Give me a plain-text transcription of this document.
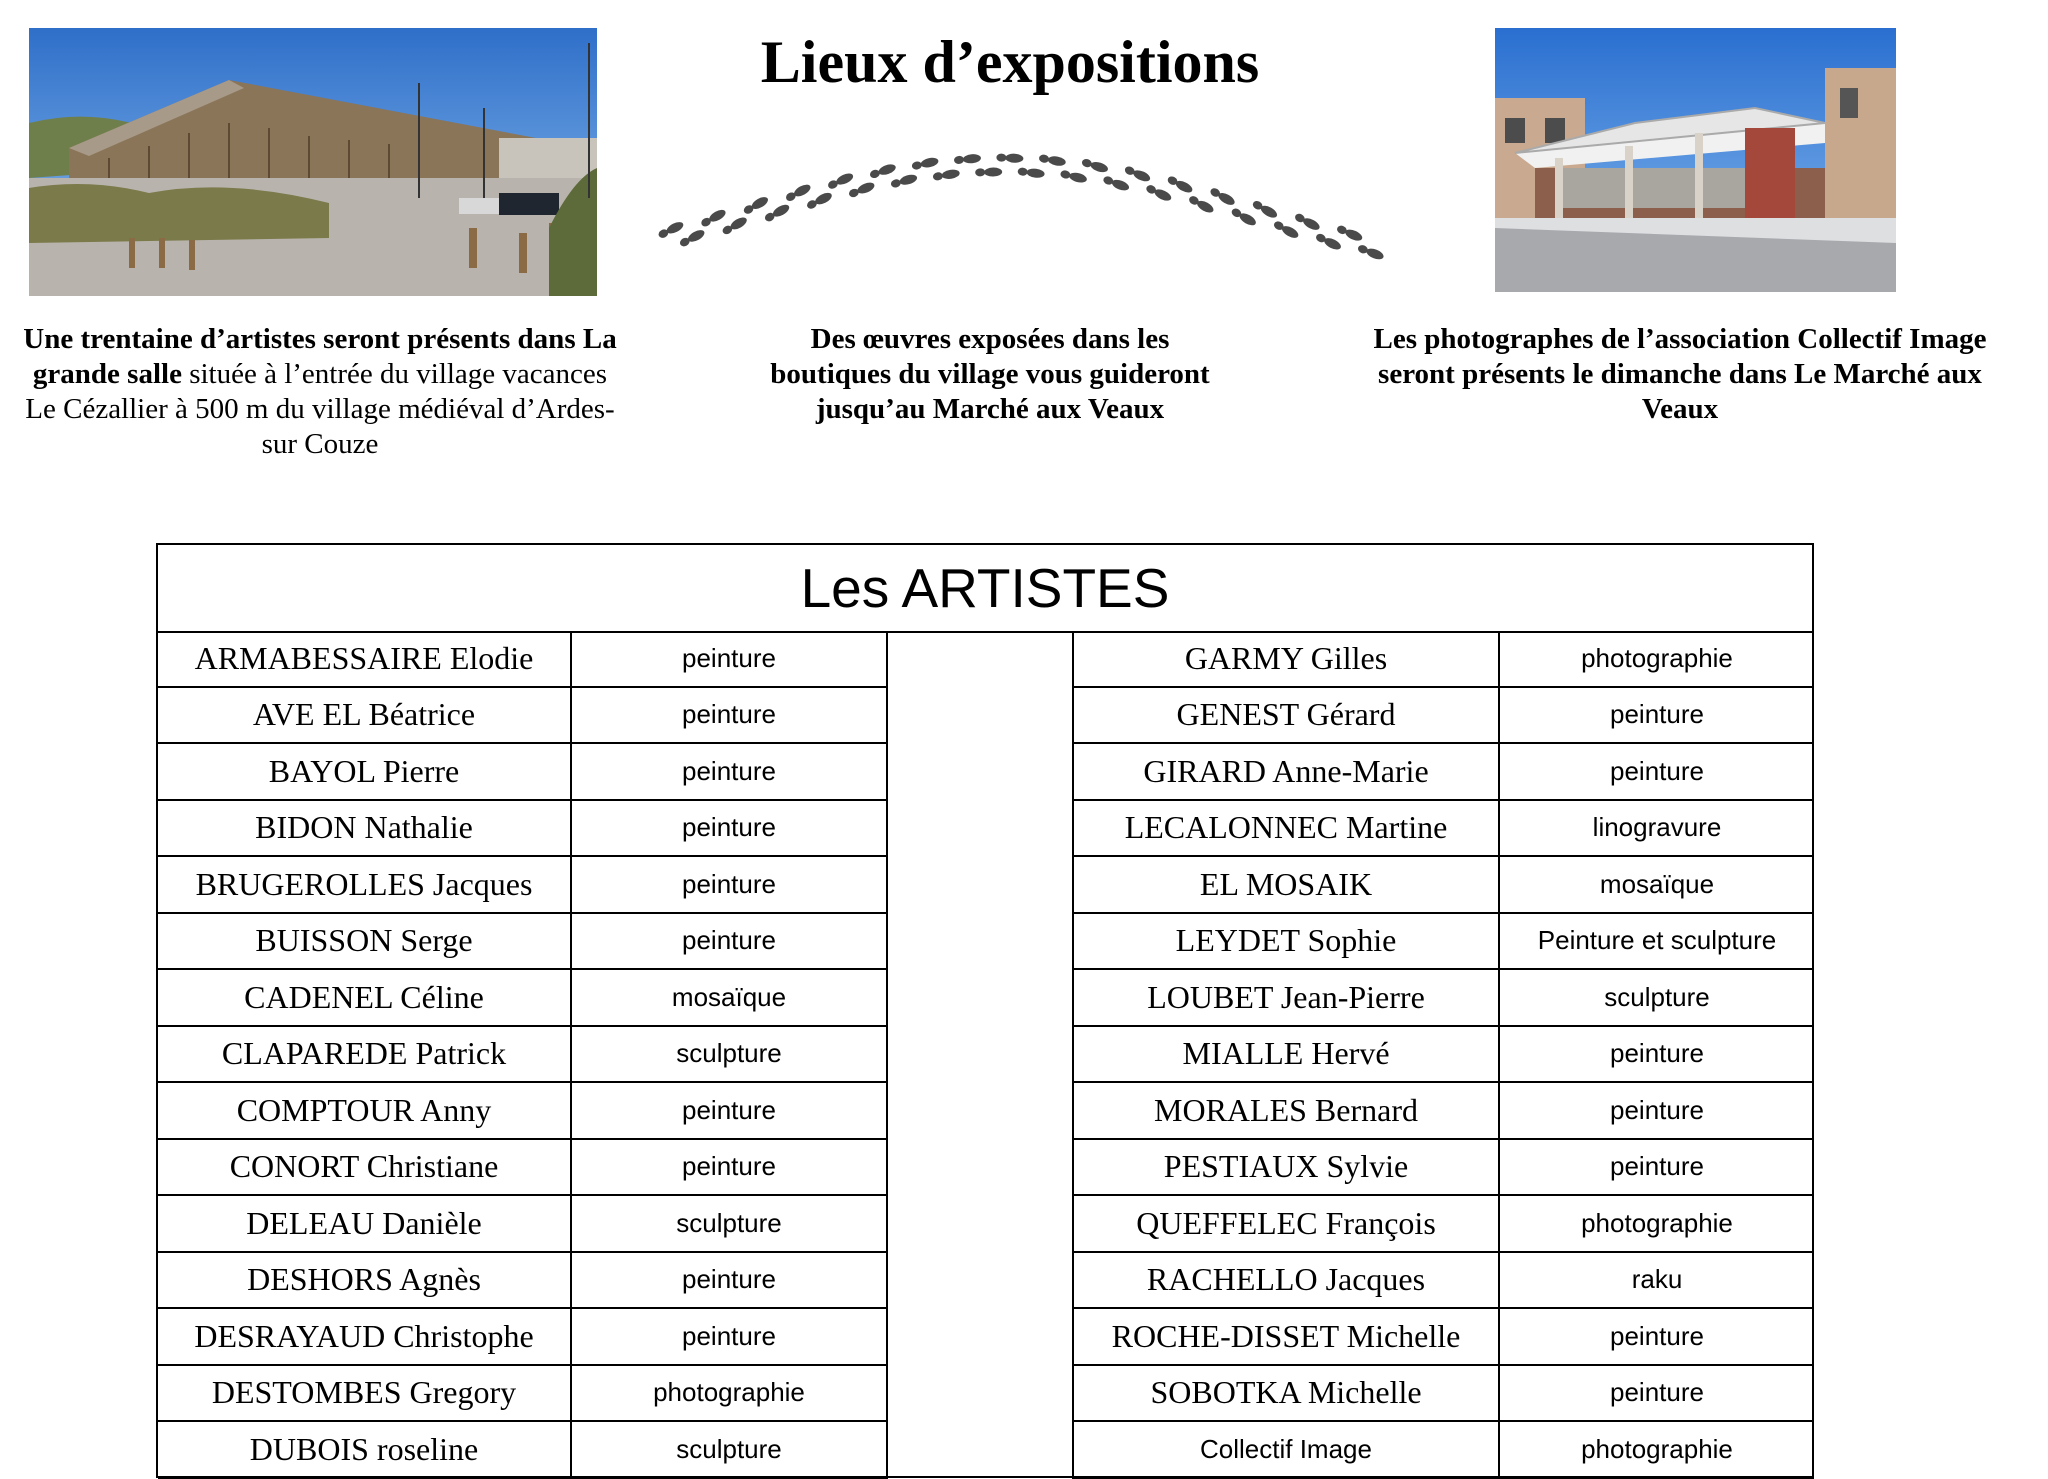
Lieux d’expositions
Une trentaine d’artistes seront présents dans La grande salle située à l’entrée du village vacances Le Cézallier à 500 m du village médiéval d’Ardes-sur Couze
Des œuvres exposées dans les boutiques du village vous guideront jusqu’au Marché aux Veaux
Les photographes de l’association Collectif Image seront présents le dimanche dans Le Marché aux Veaux
Les ARTISTES
ARMABESSAIRE Elodie	peinture
AVE EL Béatrice	peinture
BAYOL Pierre	peinture
BIDON Nathalie	peinture
BRUGEROLLES Jacques	peinture
BUISSON Serge	peinture
CADENEL Céline	mosaïque
CLAPAREDE Patrick	sculpture
COMPTOUR Anny	peinture
CONORT Christiane	peinture
DELEAU Danièle	sculpture
DESHORS Agnès	peinture
DESRAYAUD Christophe	peinture
DESTOMBES Gregory	photographie
DUBOIS roseline	sculpture
GARMY Gilles	photographie
GENEST Gérard	peinture
GIRARD Anne-Marie	peinture
LECALONNEC Martine	linogravure
EL MOSAIK	mosaïque
LEYDET Sophie	Peinture et sculpture
LOUBET Jean-Pierre	sculpture
MIALLE Hervé	peinture
MORALES Bernard	peinture
PESTIAUX Sylvie	peinture
QUEFFELEC François	photographie
RACHELLO Jacques	raku
ROCHE-DISSET Michelle	peinture
SOBOTKA Michelle	peinture
Collectif Image	photographie
